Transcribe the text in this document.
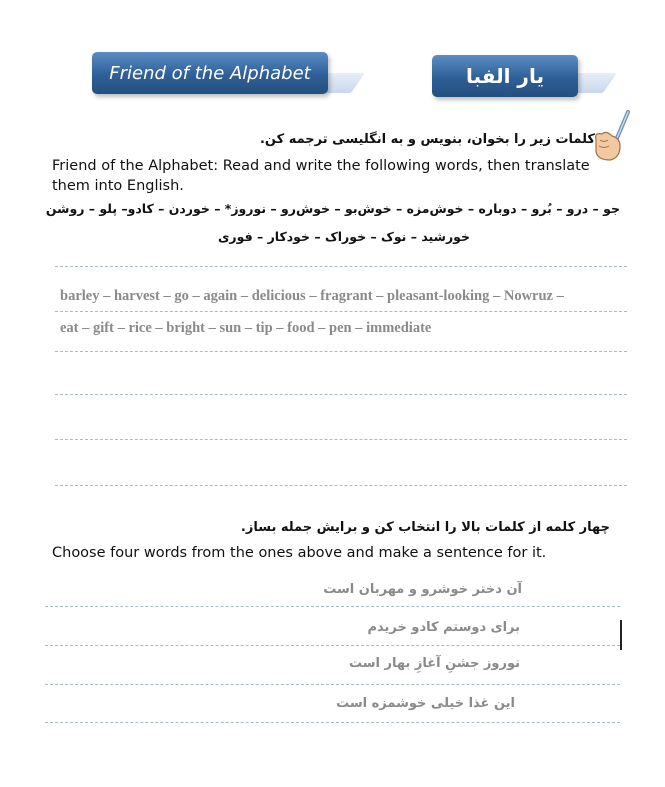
Friend of the Alphabet	یار الفبا
کلمات زیر را بخوان، بنویس و به انگلیسی ترجمه کن.
Friend of the Alphabet: Read and write the following words, then translate them into English.
جو – درو – بُرو – دوباره – خوش‌مزه – خوش‌بو – خوش‌رو – نوروز* – خوردن – کادو– پلو – روشن
خورشید – نوک – خوراک – خودکار – فوری
barley – harvest – go – again – delicious – fragrant – pleasant-looking – Nowruz –
eat – gift – rice – bright – sun – tip – food – pen – immediate
چهار کلمه از کلمات بالا را انتخاب کن و برایش جمله بساز.
Choose four words from the ones above and make a sentence for it.
آن دختر خوشرو و مهربان است
برای دوستم کادو خریدم
نوروز جشنِ آغازِ بهار است
این غذا خیلی خوشمزه است
